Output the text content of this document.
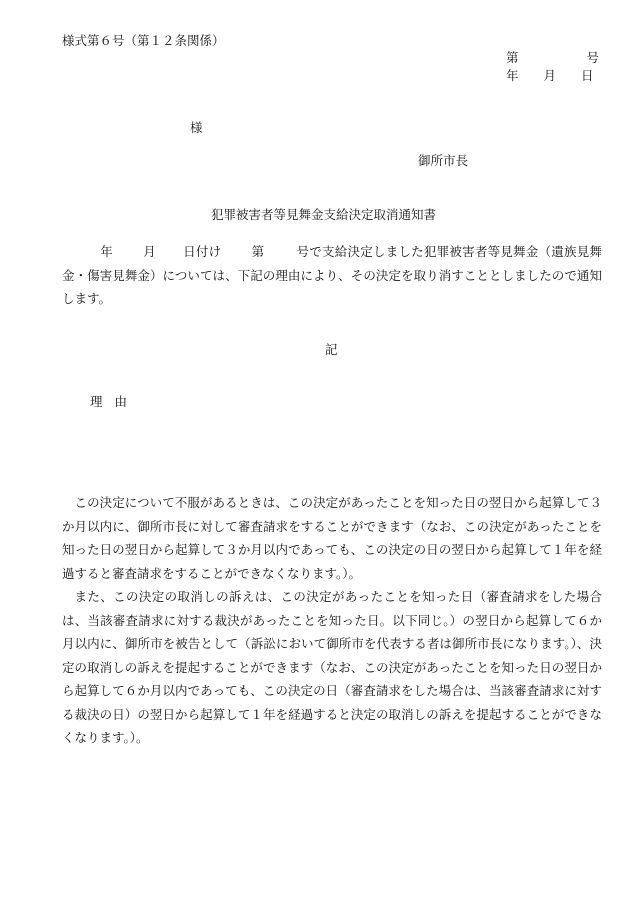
様式第６号（第１２条関係）
第	号
年 月 日
様
御所市長
犯罪被害者等見舞金支給決定取消通知書
年 月 日付け 第	号で支給決定しました犯罪被害者等見舞金（遺族見舞金・傷害見舞金）については、下記の理由により、その決定を取り消すこととしましたので通知します。
記
理 由
この決定について不服があるときは、この決定があったことを知った日の翌日から起算して３か月以内に、御所市長に対して審査請求をすることができます（なお、この決定があったことを知った日の翌日から起算して３か月以内であっても、この決定の日の翌日から起算して１年を経過すると審査請求をすることができなくなります。）。
また、この決定の取消しの訴えは、この決定があったことを知った日（審査請求をした場合は、当該審査請求に対する裁決があったことを知った日。以下同じ。）の翌日から起算して６か月以内に、御所市を被告として（訴訟において御所市を代表する者は御所市長になります。）、決定の取消しの訴えを提起することができます（なお、この決定があったことを知った日の翌日から起算して６か月以内であっても、この決定の日（審査請求をした場合は、当該審査請求に対する裁決の日）の翌日から起算して１年を経過すると決定の取消しの訴えを提起することができなくなります。）。
